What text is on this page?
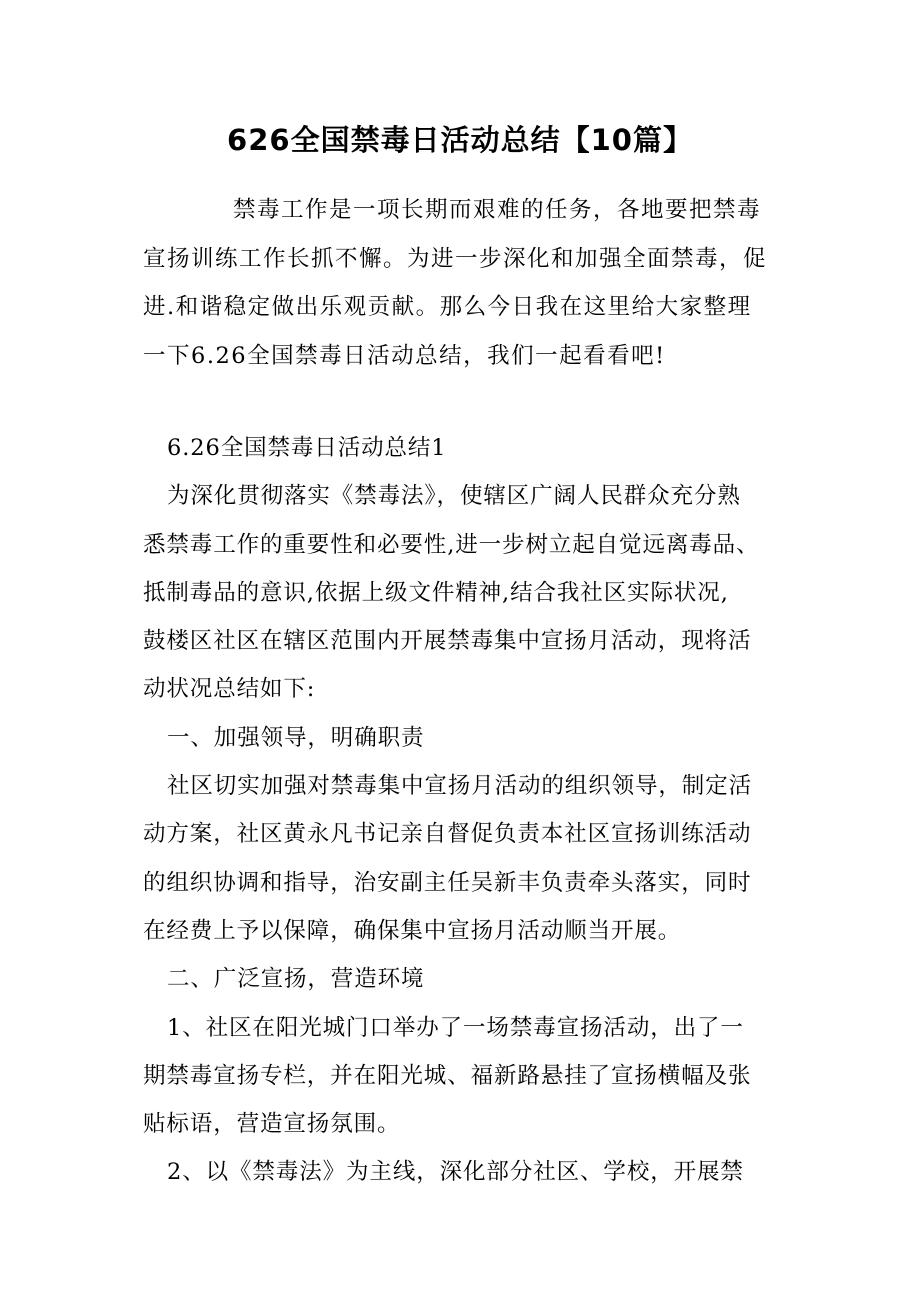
626全国禁毒日活动总结【10篇】
禁毒工作是一项长期而艰难的任务，各地要把禁毒
宣扬训练工作长抓不懈。为进一步深化和加强全面禁毒，促
进.和谐稳定做出乐观贡献。那么今日我在这里给大家整理
一下6.26全国禁毒日活动总结，我们一起看看吧!
6.26全国禁毒日活动总结1
为深化贯彻落实《禁毒法》，使辖区广阔人民群众充分熟
悉禁毒工作的重要性和必要性,进一步树立起自觉远离毒品、
抵制毒品的意识,依据上级文件精神,结合我社区实际状况,
鼓楼区社区在辖区范围内开展禁毒集中宣扬月活动，现将活
动状况总结如下:
一、加强领导，明确职责
社区切实加强对禁毒集中宣扬月活动的组织领导，制定活
动方案，社区黄永凡书记亲自督促负责本社区宣扬训练活动
的组织协调和指导，治安副主任吴新丰负责牵头落实，同时
在经费上予以保障，确保集中宣扬月活动顺当开展。
二、广泛宣扬，营造环境
1、社区在阳光城门口举办了一场禁毒宣扬活动，出了一
期禁毒宣扬专栏，并在阳光城、福新路悬挂了宣扬横幅及张
贴标语，营造宣扬氛围。
2、以《禁毒法》为主线，深化部分社区、学校，开展禁
